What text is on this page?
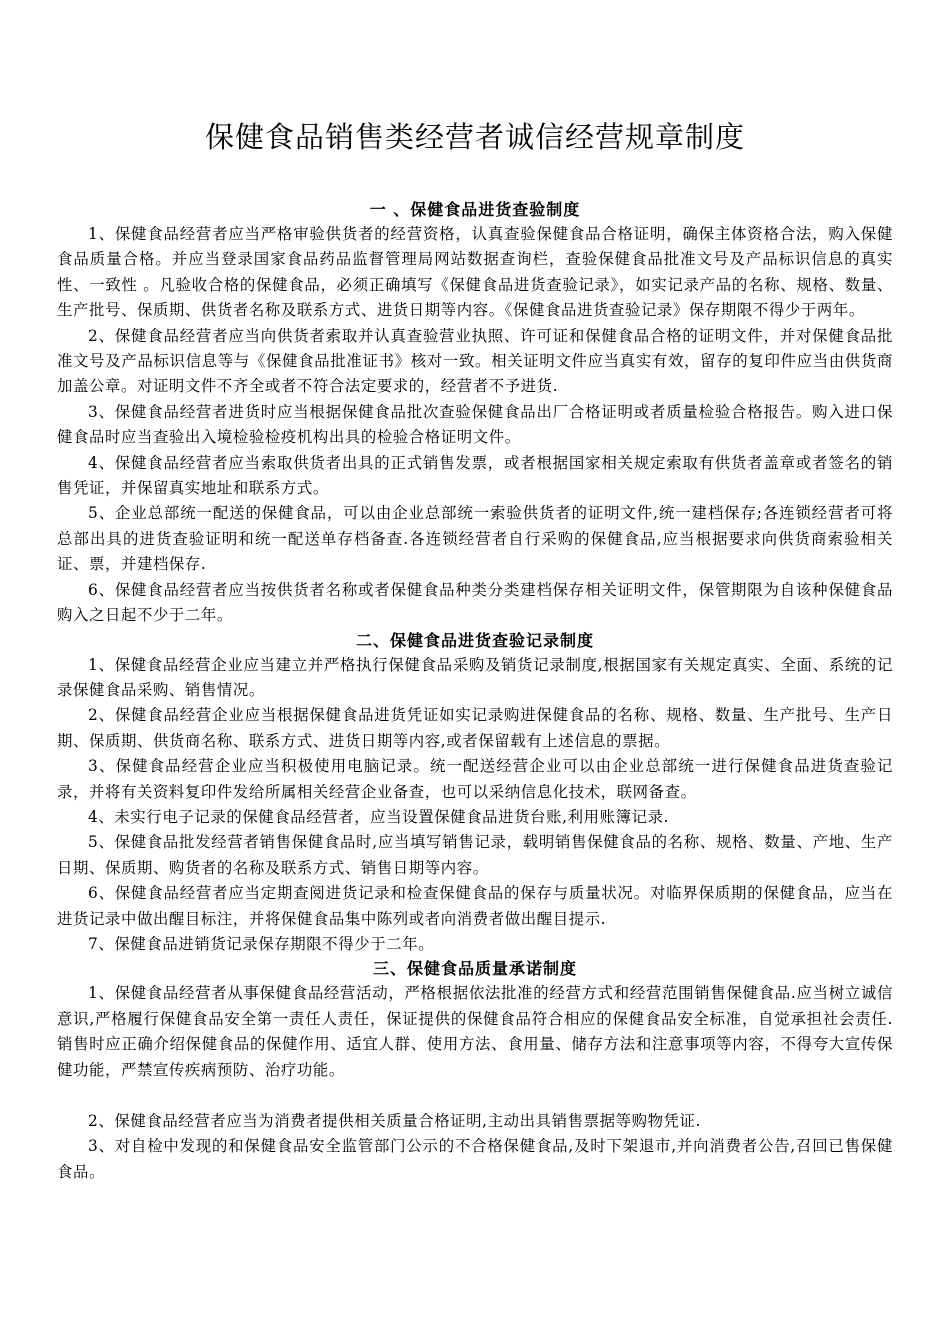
保健食品销售类经营者诚信经营规章制度
一 、保健食品进货查验制度

1、保健食品经营者应当严格审验供货者的经营资格，认真查验保健食品合格证明，确保主体资格合法，购入保健食品质量合格。并应当登录国家食品药品监督管理局网站数据查询栏，查验保健食品批准文号及产品标识信息的真实性、一致性 。凡验收合格的保健食品，必须正确填写《保健食品进货查验记录》，如实记录产品的名称、规格、数量、生产批号、保质期、供货者名称及联系方式、进货日期等内容。《保健食品进货查验记录》保存期限不得少于两年。

2、保健食品经营者应当向供货者索取并认真查验营业执照、许可证和保健食品合格的证明文件，并对保健食品批准文号及产品标识信息等与《保健食品批准证书》核对一致。相关证明文件应当真实有效，留存的复印件应当由供货商加盖公章。对证明文件不齐全或者不符合法定要求的，经营者不予进货.

3、保健食品经营者进货时应当根据保健食品批次查验保健食品出厂合格证明或者质量检验合格报告。购入进口保健食品时应当查验出入境检验检疫机构出具的检验合格证明文件。

4、保健食品经营者应当索取供货者出具的正式销售发票，或者根据国家相关规定索取有供货者盖章或者签名的销售凭证，并保留真实地址和联系方式。

5、企业总部统一配送的保健食品，可以由企业总部统一索验供货者的证明文件,统一建档保存;各连锁经营者可将总部出具的进货查验证明和统一配送单存档备查.各连锁经营者自行采购的保健食品,应当根据要求向供货商索验相关证、票，并建档保存.

6、保健食品经营者应当按供货者名称或者保健食品种类分类建档保存相关证明文件，保管期限为自该种保健食品购入之日起不少于二年。

二、保健食品进货查验记录制度

1、保健食品经营企业应当建立并严格执行保健食品采购及销货记录制度,根据国家有关规定真实、全面、系统的记录保健食品采购、销售情况。

2、保健食品经营企业应当根据保健食品进货凭证如实记录购进保健食品的名称、规格、数量、生产批号、生产日期、保质期、供货商名称、联系方式、进货日期等内容,或者保留载有上述信息的票据。

3、保健食品经营企业应当积极使用电脑记录。统一配送经营企业可以由企业总部统一进行保健食品进货查验记录，并将有关资料复印件发给所属相关经营企业备查，也可以采纳信息化技术，联网备查。

4、未实行电子记录的保健食品经营者，应当设置保健食品进货台账,利用账簿记录.

5、保健食品批发经营者销售保健食品时,应当填写销售记录，载明销售保健食品的名称、规格、数量、产地、生产日期、保质期、购货者的名称及联系方式、销售日期等内容。

6、保健食品经营者应当定期查阅进货记录和检查保健食品的保存与质量状况。对临界保质期的保健食品，应当在进货记录中做出醒目标注，并将保健食品集中陈列或者向消费者做出醒目提示.

7、保健食品进销货记录保存期限不得少于二年。

三、保健食品质量承诺制度

1、保健食品经营者从事保健食品经营活动，严格根据依法批准的经营方式和经营范围销售保健食品.应当树立诚信意识,严格履行保健食品安全第一责任人责任，保证提供的保健食品符合相应的保健食品安全标准，自觉承担社会责任.销售时应正确介绍保健食品的保健作用、适宜人群、使用方法、食用量、储存方法和注意事项等内容，不得夸大宣传保健功能，严禁宣传疾病预防、治疗功能。

2、保健食品经营者应当为消费者提供相关质量合格证明,主动出具销售票据等购物凭证.

3、对自检中发现的和保健食品安全监管部门公示的不合格保健食品,及时下架退市,并向消费者公告,召回已售保健食品。
